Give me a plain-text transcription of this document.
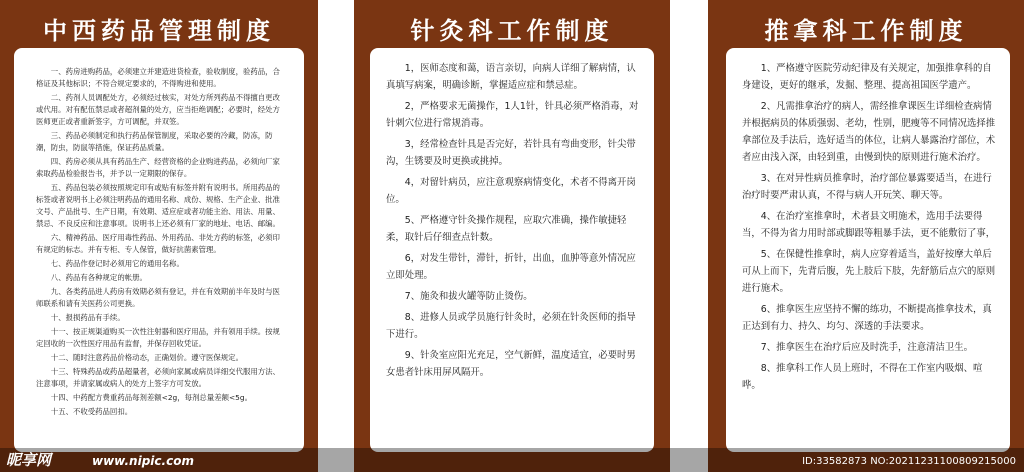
中西药品管理制度
一、药房进购药品，必须建立并建造进货检查，验收制度，验药品，合格证及其他标识；不符合规定要求的，不得购进和使用。
二、药剂人员调配处方，必须经过核实，对处方所列药品不得擅自更改或代用。对有配伍禁忌或者超剂量的处方，应当拒绝调配；必要时，经处方医师更正或者重新签字，方可调配，并双签。
三、药品必须制定和执行药品保管制度，采取必要的冷藏，防冻，防潮，防虫，防鼠等措施，保证药品质量。
四、药房必须从具有药品生产、经营资格的企业购进药品，必须向厂家索取药品检验报告书，并予以一定期限的保存。
五、药品包装必须按照规定印有或贴有标签并附有说明书。所用药品的标签或者说明书上必须注明药品的通用名称、成份、规格、生产企业、批准文号、产品批号、生产日期，有效期、适应症或者功能主治、用法、用量、禁忌、不良反应和注意事项。说明书上还必须有厂家的地址、电话、邮编。
六、精神药品、医疗用毒性药品、外用药品、非处方药的标签，必须印有规定的标志。并有专柜、专人保管，做好抗菌素管理。
七、药品作登记时必须用它的通用名称。
八、药品有各种规定的帐册。
九、各类药品进人药房有效期必须有登记，并在有效期前半年及时与医师联系和请有关医药公司更换。
十、报损药品有手续。
十一、按正规渠道购买一次性注射器和医疗用品，并有领用手续。按规定回收的一次性医疗用品有监督，并保存回收凭证。
十二、随时注意药品价格动态，正确划价。遵守医保规定。
十三、特殊药品或药品超量者，必须向家属或病员详细交代服用方法、注意事项，并请家属或病人的处方上签字方可发放。
十四、中药配方费重药品每剂差额<2g，每剂总量差额<5g。
十五、不收受药品回扣。
针灸科工作制度
1，医师态度和蔼，语言亲切，向病人详细了解病情，认真填写病案，明确诊断，掌握适应症和禁忌症。
2，严格要求无菌操作，1人1针，针具必须严格消毒，对针刺穴位进行常规消毒。
3，经常检查针具是否完好，若针具有弯曲变形，针尖带沟，生锈要及时更换或挑掉。
4，对留针病员，应注意观察病情变化，术者不得离开岗位。
5、严格遵守针灸操作规程，应取穴准确，操作敏捷轻柔，取针后仔细查点针数。
6，对发生带针，滞针，折针，出血，血肿等意外情况应立即处理。
7、施灸和拔火罐等防止烫伤。
8、进修人员或学员施行针灸时，必须在针灸医师的指导下进行。
9、针灸室应阳光充足，空气新鲜，温度适宜，必要时男女患者针床用屏风隔开。
推拿科工作制度
1、严格遵守医院劳动纪律及有关规定，加强推拿科的自身建设，更好的继承，发掘、整理、提高祖国医学遗产。
2、凡需推拿治疗的病人，需经推拿课医生详细检查病情并根据病员的体质强弱、老幼，性别，肥瘦等不同情况选择推拿部位及手法后，选好适当的体位，让病人暴露治疗部位，术者应由浅入深，由轻到重，由慢到快的原则进行施术治疗。
3、在对异性病员推拿时，治疗部位暴露要适当，在进行治疗时要严肃认真，不得与病人开玩笑、聊天等。
4、在治疗室推拿时，术者县文明施术，选用手法要得当，不得为省力用时部或脚跟等粗暴手法，更不能敷衍了事，
5、在保健性推拿时，病人应穿着适当，盖好按摩大单后可从上而下，先背后腹，先上肢后下肢，先舒筋后点穴的原则进行施术。
6、推拿医生应坚持不懈的练功，不断提高推拿技术，真正达到有力、持久、均匀、深透的手法要求。
7、推拿医生在治疗后应及时洗手，注意清洁卫生。
8、推拿科工作人员上班时，不得在工作室内吸烟、喧哗。
昵享网	www.nipic.com	ID:33582873 NO:20211231100809215000
